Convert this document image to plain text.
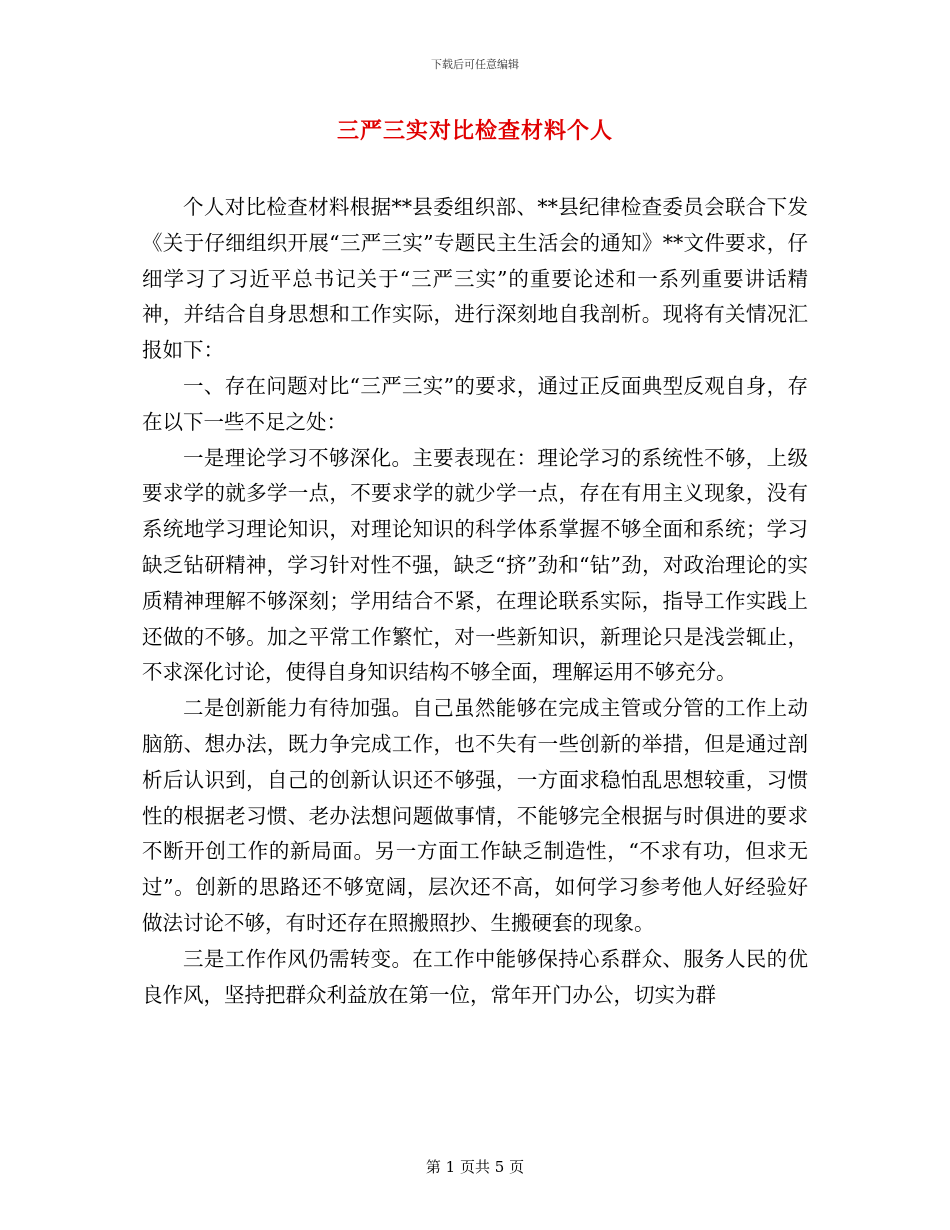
下载后可任意编辑
三严三实对比检查材料个人

个人对比检查材料根据**县委组织部、**县纪律检查委员会联合下发《关于仔细组织开展“三严三实”专题民主生活会的通知》**文件要求，仔细学习了习近平总书记关于“三严三实”的重要论述和一系列重要讲话精神，并结合自身思想和工作实际，进行深刻地自我剖析。现将有关情况汇报如下：

一、存在问题对比“三严三实”的要求，通过正反面典型反观自身，存在以下一些不足之处：

一是理论学习不够深化。主要表现在：理论学习的系统性不够，上级要求学的就多学一点，不要求学的就少学一点，存在有用主义现象，没有系统地学习理论知识，对理论知识的科学体系掌握不够全面和系统；学习缺乏钻研精神，学习针对性不强，缺乏“挤”劲和“钻”劲，对政治理论的实质精神理解不够深刻；学用结合不紧，在理论联系实际，指导工作实践上还做的不够。加之平常工作繁忙，对一些新知识，新理论只是浅尝辄止，不求深化讨论，使得自身知识结构不够全面，理解运用不够充分。

二是创新能力有待加强。自己虽然能够在完成主管或分管的工作上动脑筋、想办法，既力争完成工作，也不失有一些创新的举措，但是通过剖析后认识到，自己的创新认识还不够强，一方面求稳怕乱思想较重，习惯性的根据老习惯、老办法想问题做事情，不能够完全根据与时俱进的要求不断开创工作的新局面。另一方面工作缺乏制造性，“不求有功，但求无过”。创新的思路还不够宽阔，层次还不高，如何学习参考他人好经验好做法讨论不够，有时还存在照搬照抄、生搬硬套的现象。

三是工作作风仍需转变。在工作中能够保持心系群众、服务人民的优良作风，坚持把群众利益放在第一位，常年开门办公，切实为群

第 1 页共 5 页
